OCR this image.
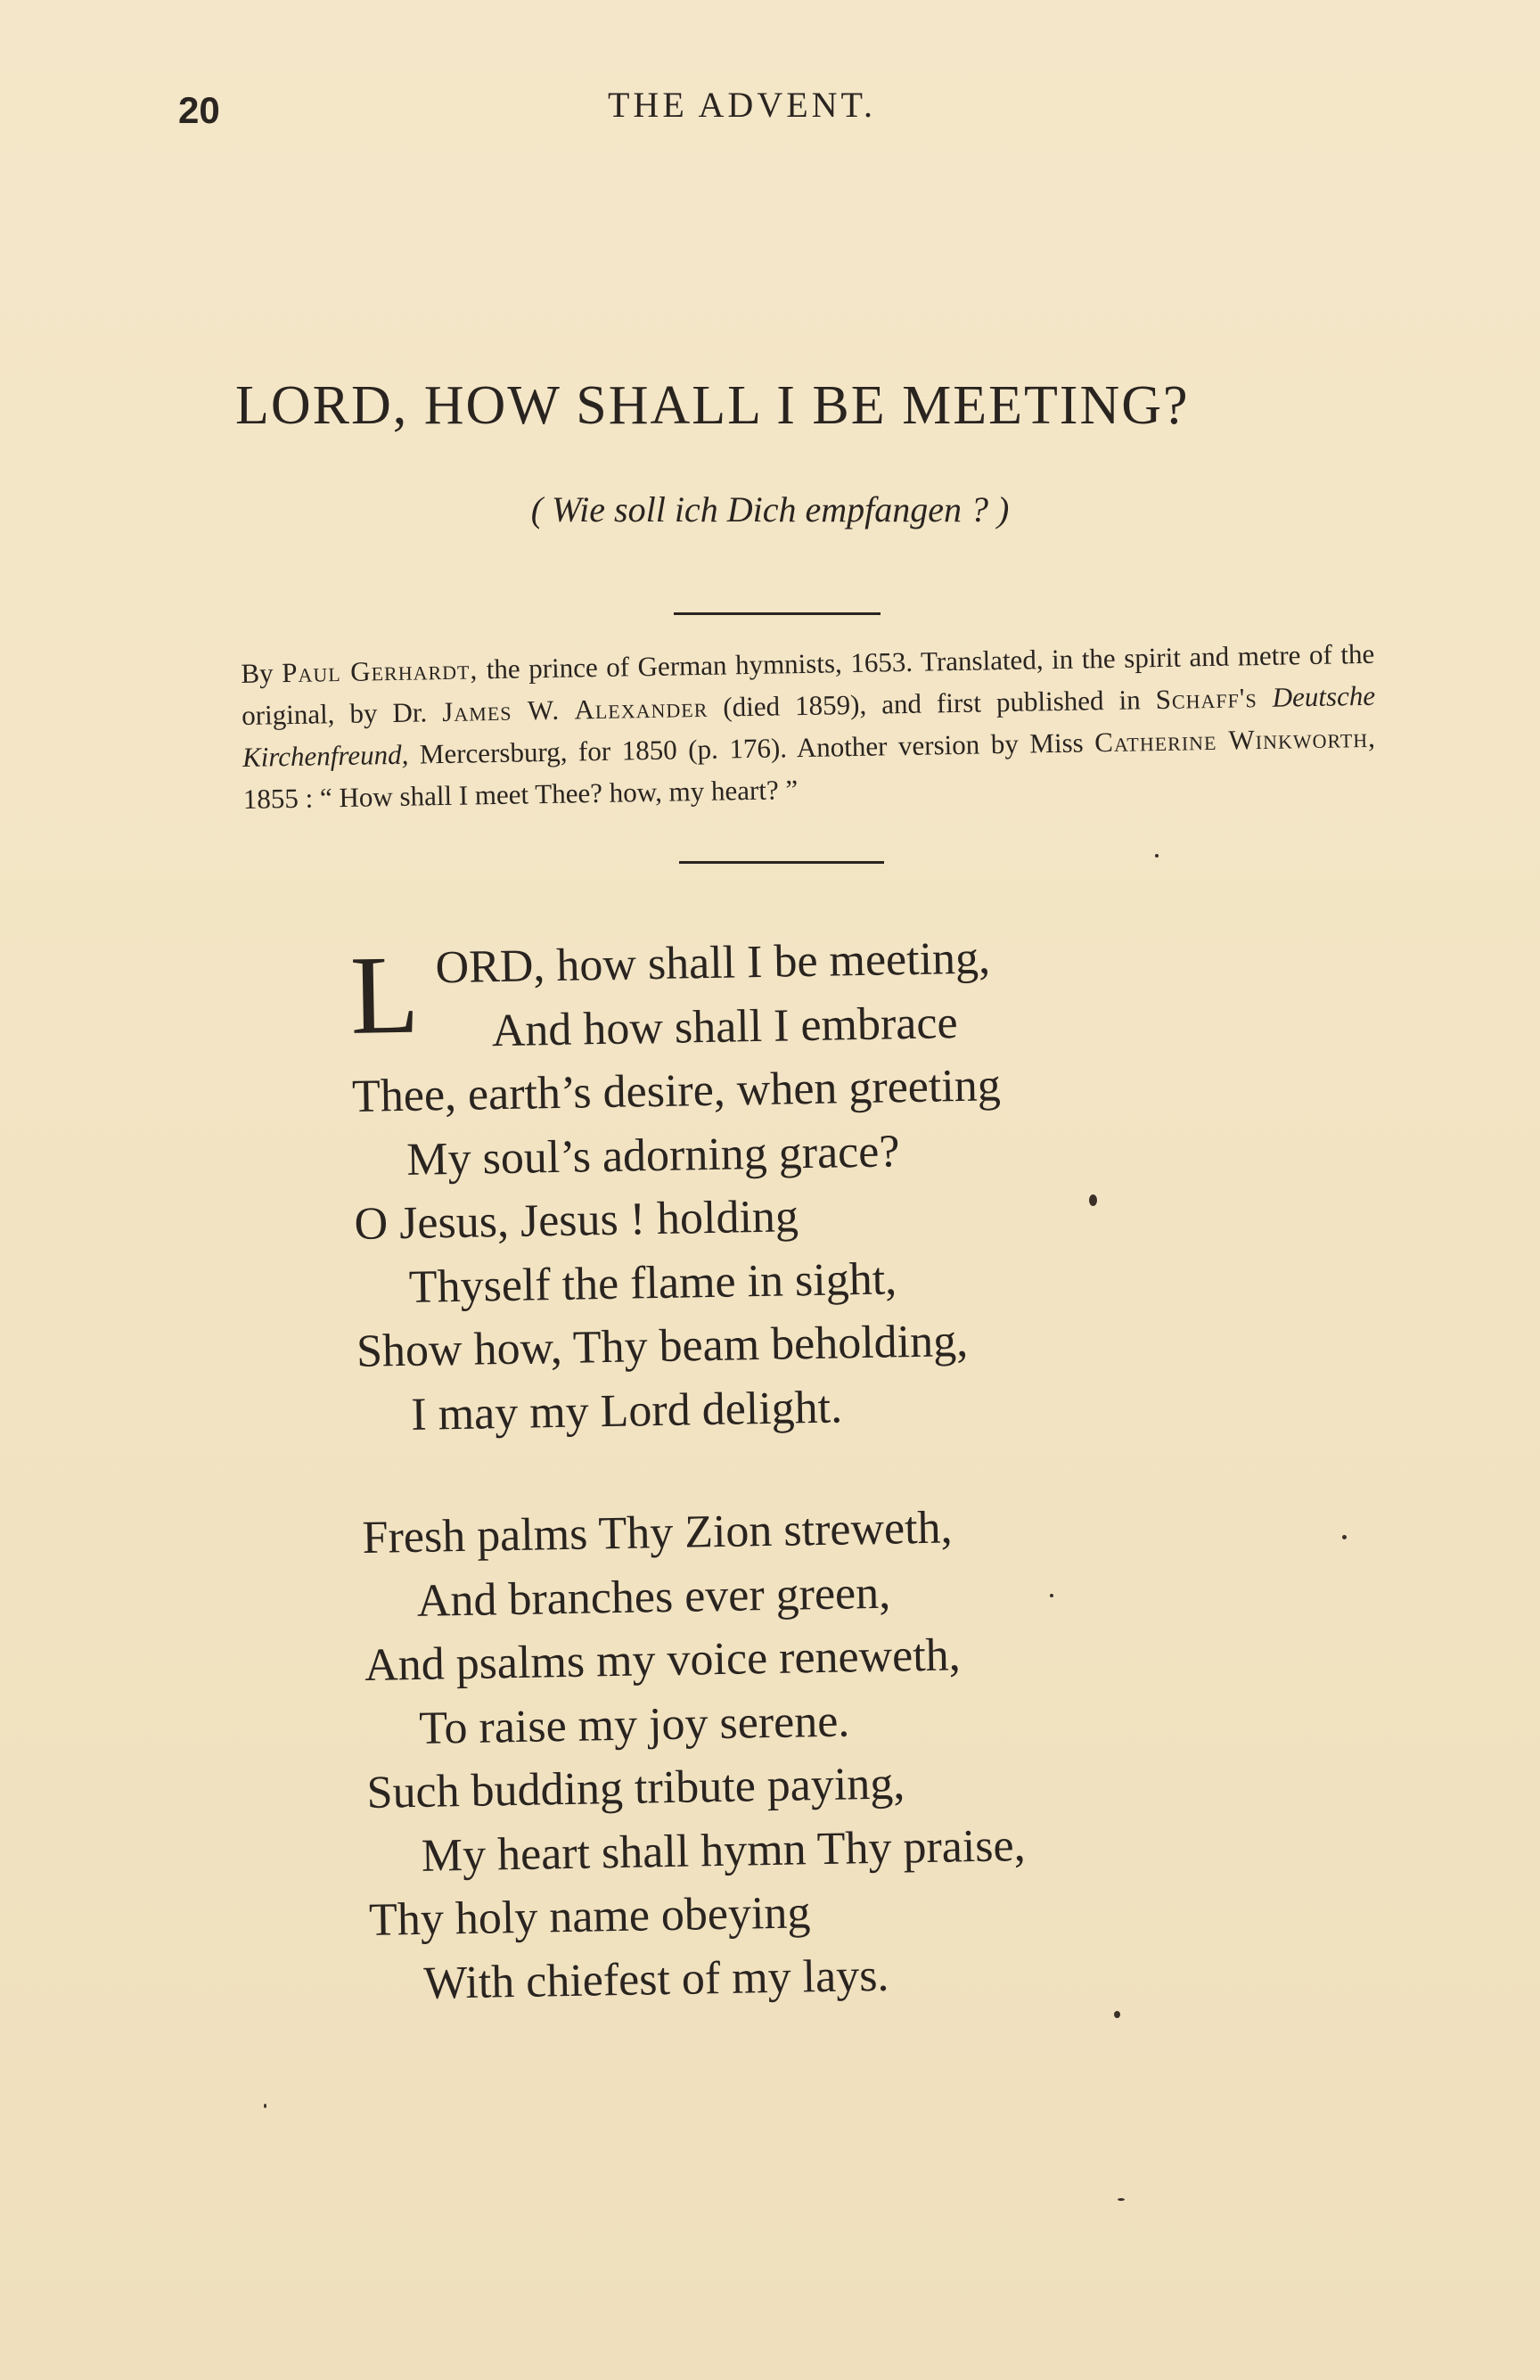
20	THE ADVENT.
LORD, HOW SHALL I BE MEETING?
( Wie soll ich Dich empfangen ? )
By Paul Gerhardt, the prince of German hymnists, 1653. Translated, in the spirit and metre of the original, by Dr. James W. Alexander (died 1859), and first published in Schaff's Deutsche Kirchenfreund, Mercersburg, for 1850 (p. 176). Another version by Miss Catherine Winkworth, 1855 : “ How shall I meet Thee? how, my heart? ”
L ORD, how shall I be meeting,
And how shall I embrace
Thee, earth’s desire, when greeting
My soul’s adorning grace?
O Jesus, Jesus ! holding
Thyself the flame in sight,
Show how, Thy beam beholding,
I may my Lord delight.
Fresh palms Thy Zion streweth,
And branches ever green,
And psalms my voice reneweth,
To raise my joy serene.
Such budding tribute paying,
My heart shall hymn Thy praise,
Thy holy name obeying
With chiefest of my lays.
